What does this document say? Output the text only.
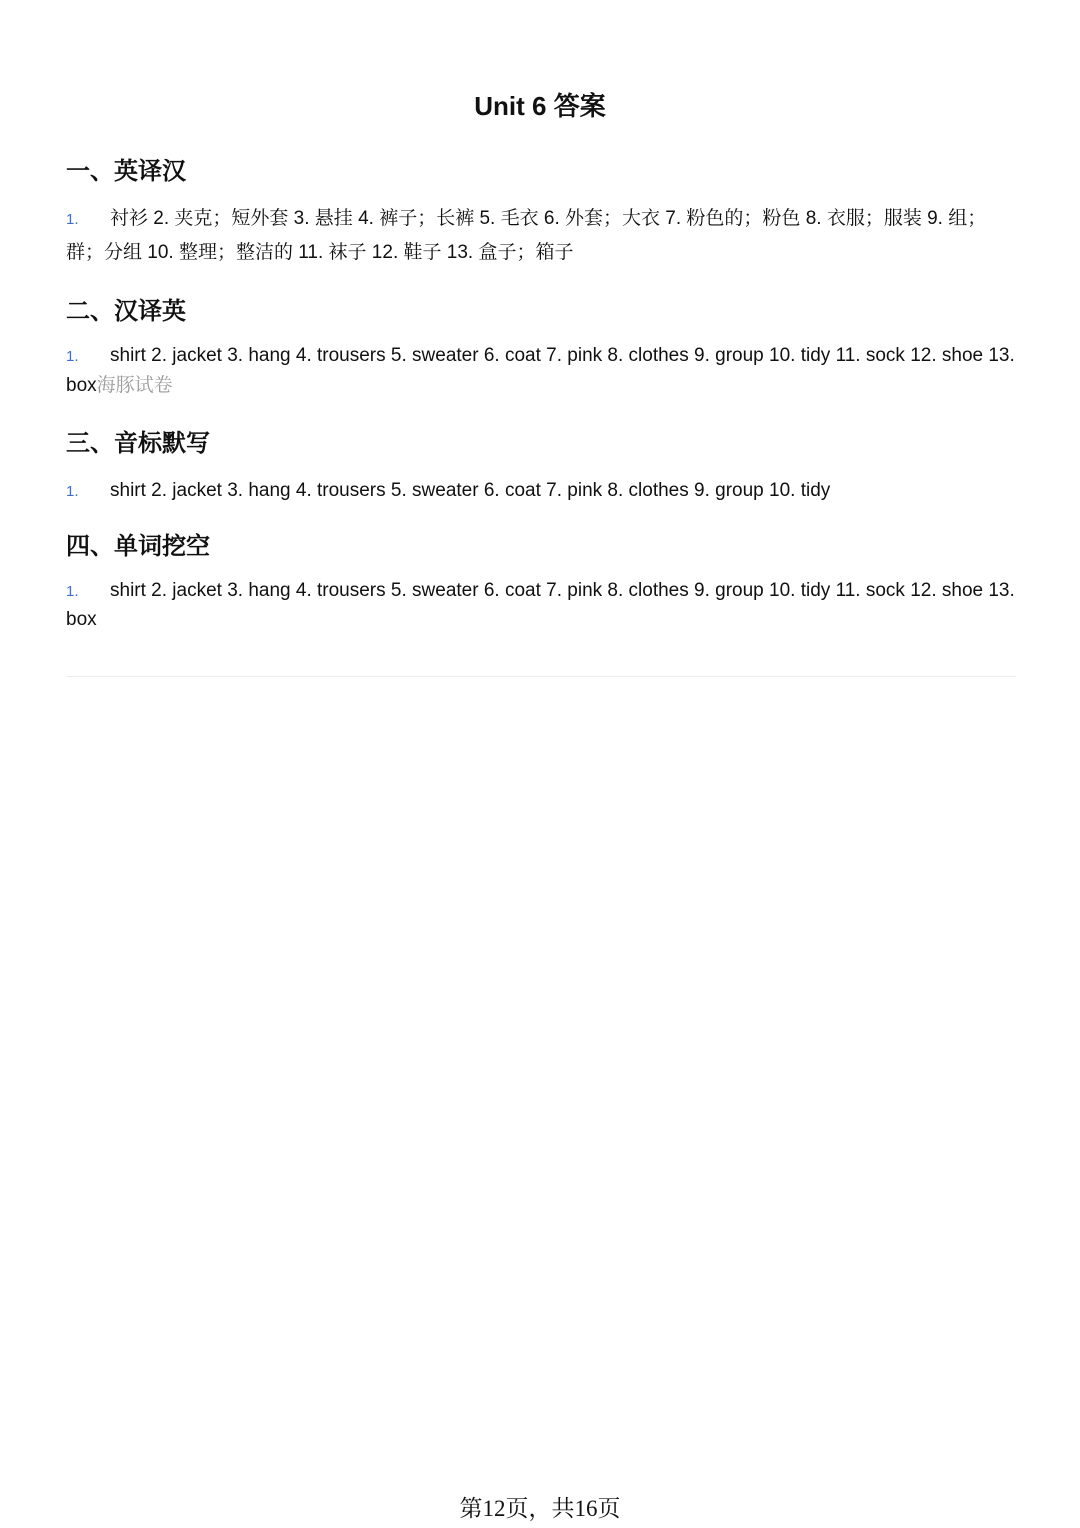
Unit 6 答案
一、英译汉

1. 衬衫 2. 夹克；短外套 3. 悬挂 4. 裤子；长裤 5. 毛衣 6. 外套；大衣 7. 粉色的；粉色 8. 衣服；服装 9. 组；群；分组 10. 整理；整洁的 11. 袜子 12. 鞋子 13. 盒子；箱子

二、汉译英

1. shirt 2. jacket 3. hang 4. trousers 5. sweater 6. coat 7. pink 8. clothes 9. group 10. tidy 11. sock 12. shoe 13. box海豚试卷

三、音标默写

1. shirt 2. jacket 3. hang 4. trousers 5. sweater 6. coat 7. pink 8. clothes 9. group 10. tidy

四、单词挖空

1. shirt 2. jacket 3. hang 4. trousers 5. sweater 6. coat 7. pink 8. clothes 9. group 10. tidy 11. sock 12. shoe 13. box

第12页，共16页
